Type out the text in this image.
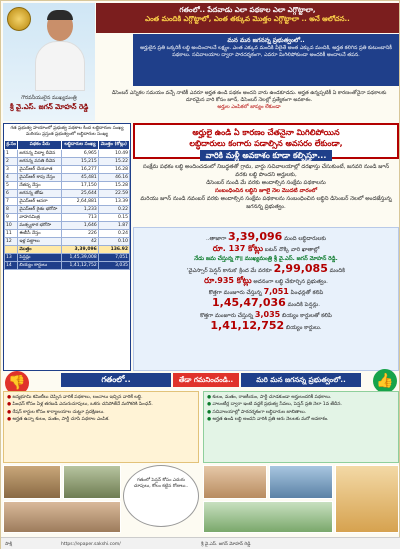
గౌరవనీయులైన ముఖ్యమంత్రి
శ్రీ వై.ఎస్. జగన్ మోహన్ రెడ్డి
గతంలో.. పేదవాడు ఎలా పథకాల ఎలా ఎగ్గొట్టాలా,
ఎంత మందికి ఎగ్గొట్టాలో, ఎంత తక్కువ మొత్తం ఎగ్గొట్టాలా .. అనే ఆలోచన..
మన మన జగనన్న ప్రభుత్వంలో..
అర్హులైన ప్రతి ఒక్కరికీ లబ్ధి అందించాలనే లక్ష్యం. ఎంత ఎక్కువ మందికి వీలైతే అంత ఎక్కువ మందికి, అర్హత కలిగిన ప్రతి కుటుంబానికీ పథకాలు. సచివాలయాల ద్వారా పారదర్శకంగా, ఎవరూ మిగిలిపోకుండా అందరికీ అందాలనే తపన.
డిసెంబర్ ఎన్నికల సమయం వచ్చే నాటికీ ఎవరూ అర్హత ఉండి పథకం అందని వారు ఉండకూడదు. అర్హత ఉన్నప్పటికీ ఏ కారణంతోనైనా పథకాలకు దూరమైన వారి కోసం జూన్, డిసెంబర్ నెలల్లో ప్రత్యేకంగా అవకాశం.
అర్హుల ఎంపికలో జాప్యం లేకుండా
అర్హులై ఉండి ఏ కారణం చేతనైనా మిగిలిపోయిన
లబ్ధిదారులు కంగారు పడాల్సిన అవసరం లేకుండా,
వారికి మళ్లీ అవకాశం కూడా కల్పిస్తూ...
సంక్షేమ పథకం లబ్ధి అందించడంలో నిబద్ధతతో గ్రామ, వార్డు సచివాలయాల్లో దరఖాస్తు చేసుకుంటే, జనవరి నుండి జూన్ వరకు లబ్ధి పొందని అర్హులకు,
డిసెంబర్ నుండి మే వరకు అందాల్సిన సంక్షేమ పథకాలను
సంబంధించిన లబ్ధిని జూలై నెల మొదటి వారంలో
మరియు జూన్ నుండి నవంబర్ వరకు అందాల్సిన సంక్షేమ పథకాలను సంబంధించిన లబ్ధిని డిసెంబర్ నెలలో అందజేస్తున్న జగనన్న ప్రభుత్వం.
గత ప్రభుత్వ హయాంలో ప్రభుత్వ పథకాల కింద లబ్ధిదారుల సంఖ్య మరియు ప్రస్తుత ప్రభుత్వంలో లబ్ధిదారుల సంఖ్య
క్ర.సం	పథకం పేరు	లబ్ధిదారుల సంఖ్య	మొత్తం (కోట్లు)
1	జగనన్న విద్యా దీవెన	6,965	10.49
2	జగనన్న వసతి దీవెన	15,215	15.22
3	వైఎస్ఆర్ చేయూత	16,277	16.28
4	వైఎస్ఆర్ కాపు నేస్తం	45,481	46.16
5	నేతన్న నేస్తం	17,150	15.28
6	జగనన్న తోడు	25,644	22.59
7	వైఎస్ఆర్ ఆసరా	2,64,881	13.39
8	వైఎస్ఆర్ రైతు భరోసా	1,233	0.22
9	వాహనమిత్ర	713	0.15
10	మత్స్యకార భరోసా	1,646	1.87
11	ఈబీసీ నేస్తం	226	0.24
12	ఇళ్ల పట్టాలు	42	0.10
	మొత్తం	3,39,096	136.92
13	పెన్షన్లు	1,45,39,008	7,051
14	బియ్యం కార్డులు	1,41,12,752	3,035
..తాజాగా 3,39,096 మంది లబ్ధిదారులకు
రూ. 137 కోట్లు బటన్ నొక్కి వారి ఖాతాల్లో
నేడు జమ చేస్తున్న గౌ॥ ముఖ్యమంత్రి శ్రీ వై.ఎస్. జగన్ మోహన్ రెడ్డి.
'వైఎస్సార్ పెన్షన్ కానుక' క్రింద మే వరకూ 2,99,085 మందికి
రూ.935 కోట్లు అదనంగా లబ్ధి చేకూర్చిన ప్రభుత్వం.
కొత్తగా మంజూరు చేస్తున్న 7,051 పింఛన్లతో కలిపి
1,45,47,036 మందికి పెన్షన్లు.
కొత్తగా మంజూరు చేస్తున్న 3,035 బియ్యం కార్డులతో కలిపి
1,41,12,752 బియ్యం కార్డులు.
👎	గతంలో..	తేడా గమనించండి..	మరి మన జగనన్న ప్రభుత్వంలో..	👍
● జన్మభూమి కమిటీలు చెప్పిన వారికే పథకాలు, లంచాలు ఇచ్చిన వారికే లబ్ధి.
● పింఛన్ కోసం ఏళ్ల తరబడి ఎదురుచూపులు, ఒకరు చనిపోతేనే మరొకరికి పింఛన్.
● రేషన్ కార్డుల కోసం కార్యాలయాల చుట్టూ ప్రదక్షిణలు.
● అర్హత ఉన్నా కులం, మతం, పార్టీ చూసి పథకాల ఎంపిక.
● కులం, మతం, రాజకీయం, పార్టీ చూడకుండా అర్హులందరికీ పథకాలు.
● వాలంటీర్ల ద్వారా ఇంటి వద్దకే ప్రభుత్వ సేవలు, పెన్షన్ ప్రతి నెలా 1వ తేదీన.
● సచివాలయాల్లో పారదర్శకంగా లబ్ధిదారుల జాబితాలు.
● అర్హత ఉండి లబ్ధి అందని వారికి ప్రతి ఆరు నెలలకు మరో అవకాశం.
గతంలో పెన్షన్ కోసం ఎదురు చూపులు, కోలం కట్టిన రోజులు..
సాక్షి	https://epaper.sakshi.com/	శ్రీ వై.ఎస్. జగన్ మోహన్ రెడ్డి
